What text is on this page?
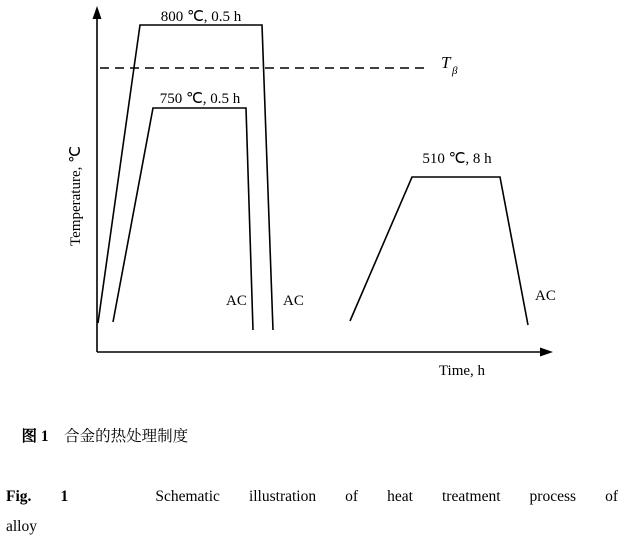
Temperature, ℃
Time, h
800 ℃, 0.5 h
750 ℃, 0.5 h
510 ℃, 8 h
AC AC	AC
T β

图 1 合金的热处理制度

Fig. 1	Schematic illustration of heat treatment process of
alloy
